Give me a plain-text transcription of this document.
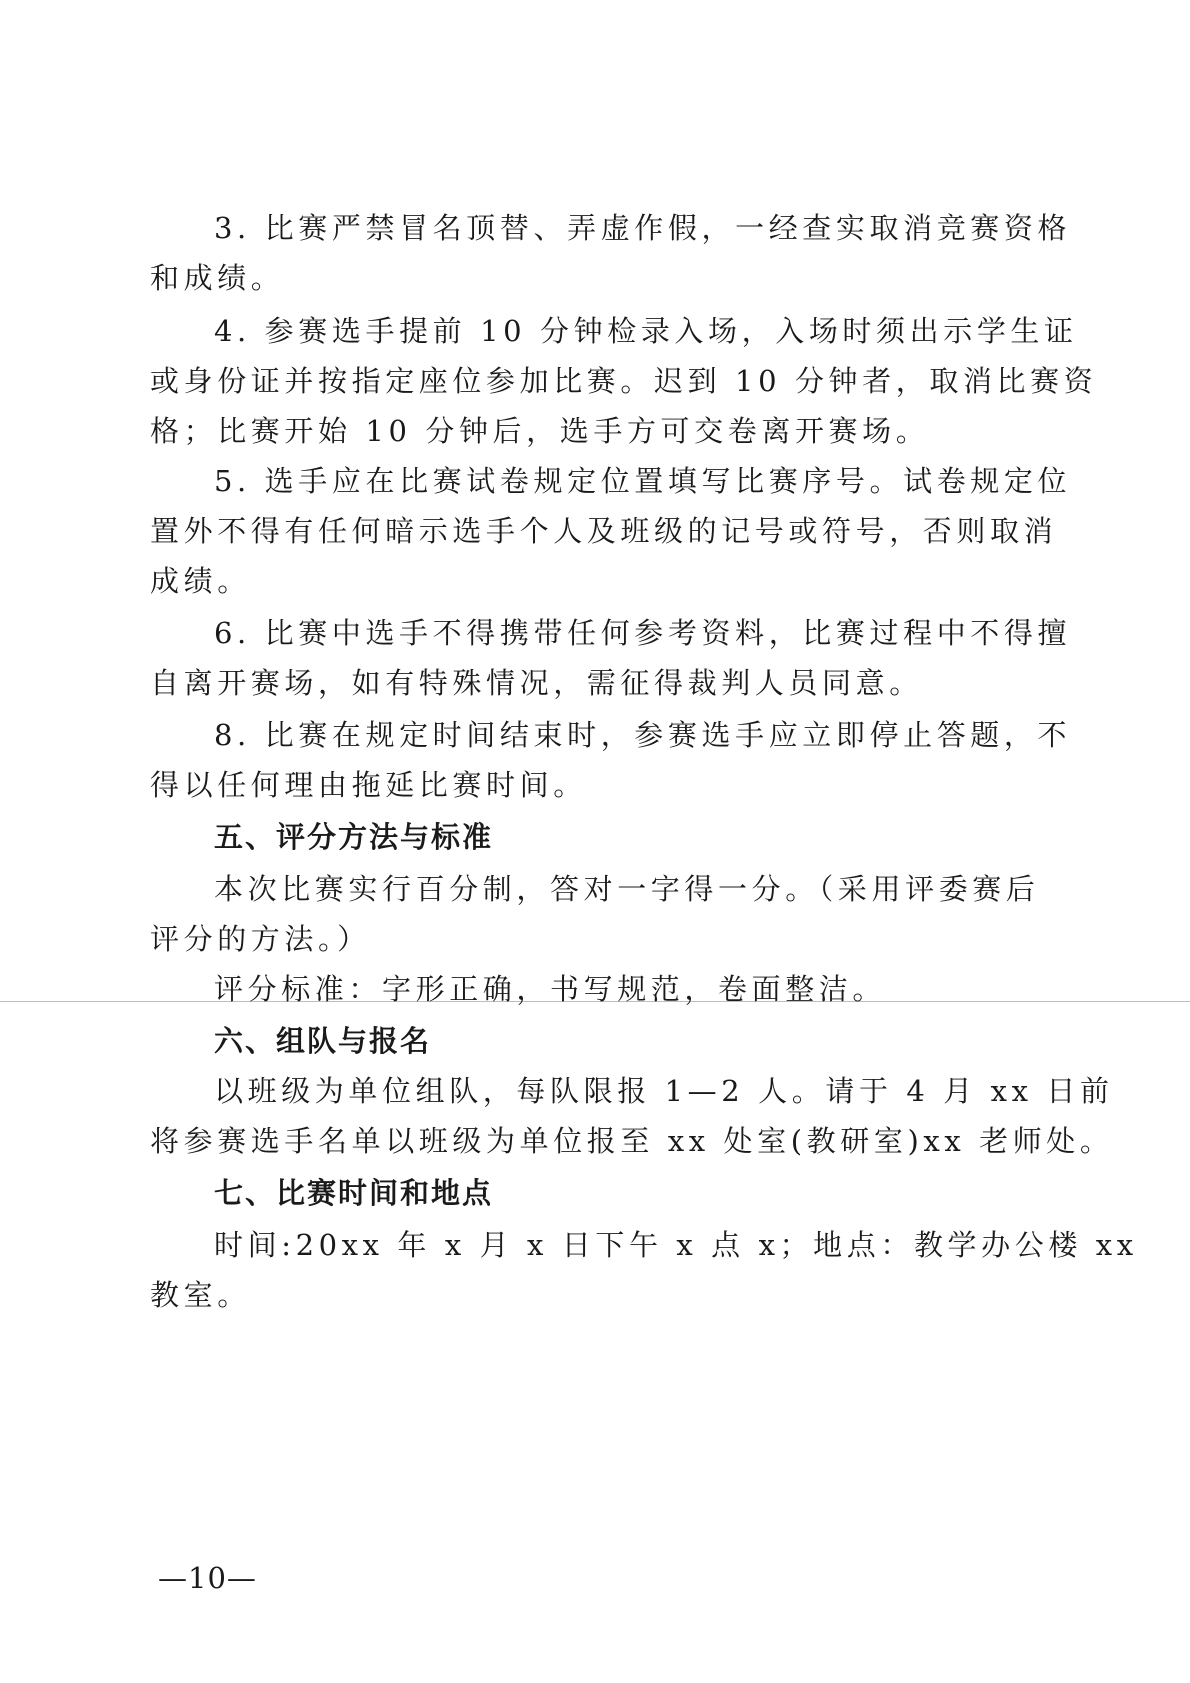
3. 比赛严禁冒名顶替、弄虚作假，一经查实取消竞赛资格
和成绩。
4. 参赛选手提前 10 分钟检录入场，入场时须出示学生证
或身份证并按指定座位参加比赛。迟到 10 分钟者，取消比赛资
格；比赛开始 10 分钟后，选手方可交卷离开赛场。
5. 选手应在比赛试卷规定位置填写比赛序号。试卷规定位
置外不得有任何暗示选手个人及班级的记号或符号，否则取消
成绩。
6. 比赛中选手不得携带任何参考资料，比赛过程中不得擅
自离开赛场，如有特殊情况，需征得裁判人员同意。
8. 比赛在规定时间结束时，参赛选手应立即停止答题，不
得以任何理由拖延比赛时间。
五、评分方法与标准
本次比赛实行百分制，答对一字得一分。（采用评委赛后
评分的方法。）
评分标准：字形正确，书写规范，卷面整洁。
六、组队与报名
以班级为单位组队，每队限报 1—2 人。请于 4 月 xx 日前
将参赛选手名单以班级为单位报至 xx 处室(教研室)xx 老师处。
七、比赛时间和地点
时间:20xx 年 x 月 x 日下午 x 点 x；地点：教学办公楼 xx
教室。
—10—
